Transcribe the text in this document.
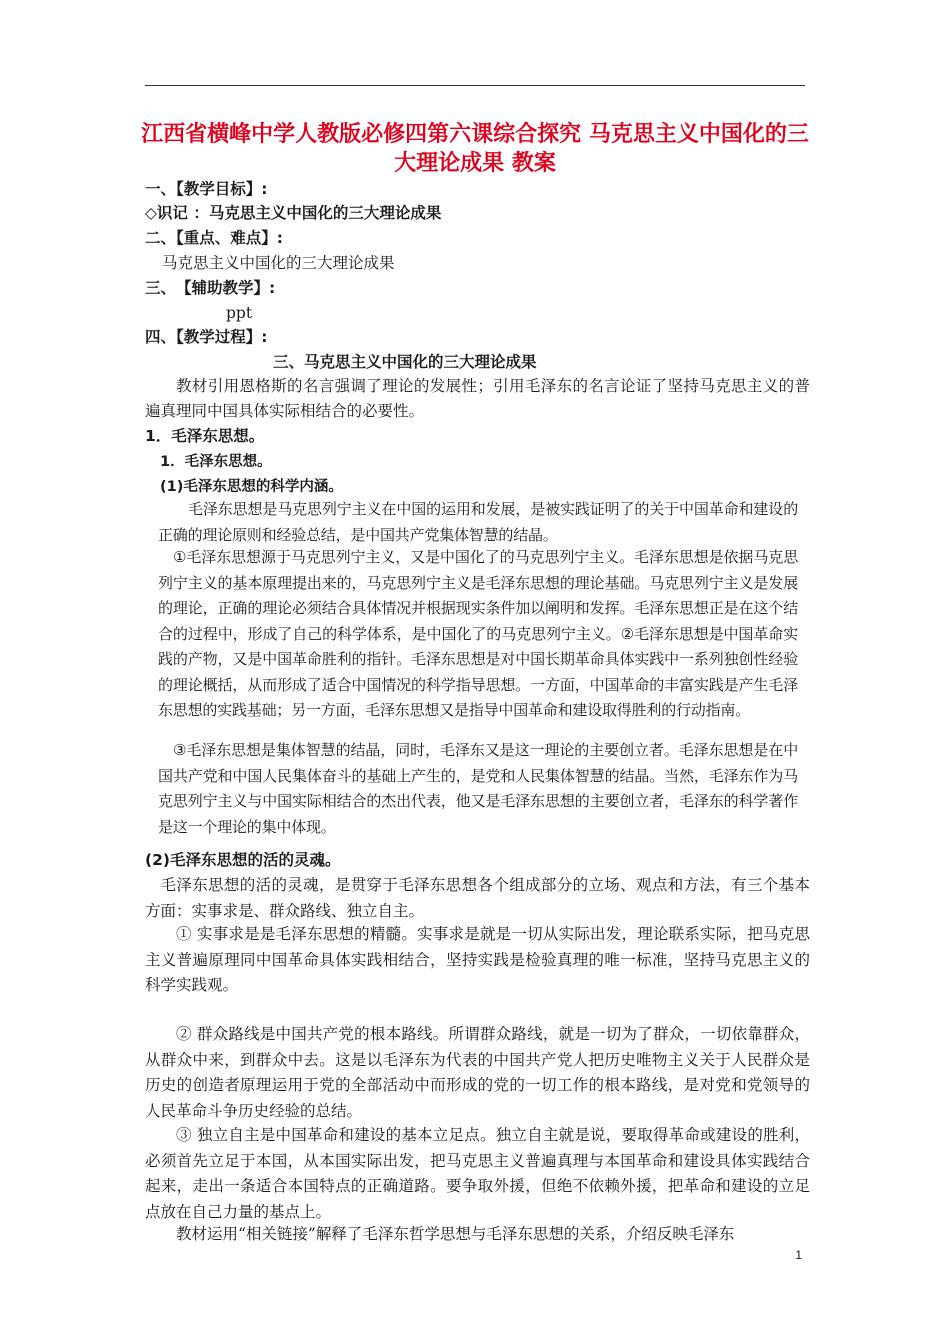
江西省横峰中学人教版必修四第六课综合探究 马克思主义中国化的三大理论成果 教案

一、【教学目标】:

◇识记 ：马克思主义中国化的三大理论成果

二、【重点、难点】:

马克思主义中国化的三大理论成果

三、　【辅助教学】:

ppt

四、【教学过程】:

三、马克思主义中国化的三大理论成果

教材引用恩格斯的名言强调了理论的发展性；引用毛泽东的名言论证了坚持马克思主义的普遍真理同中国具体实际相结合的必要性。

1．毛泽东思想。

1．毛泽东思想。

(1)毛泽东思想的科学内涵。

毛泽东思想是马克思列宁主义在中国的运用和发展，是被实践证明了的关于中国革命和建设的正确的理论原则和经验总结，是中国共产党集体智慧的结晶。

①毛泽东思想源于马克思列宁主义，又是中国化了的马克思列宁主义。毛泽东思想是依据马克思列宁主义的基本原理提出来的，马克思列宁主义是毛泽东思想的理论基础。马克思列宁主义是发展的理论，正确的理论必须结合具体情况并根据现实条件加以阐明和发挥。毛泽东思想正是在这个结合的过程中，形成了自己的科学体系，是中国化了的马克思列宁主义。②毛泽东思想是中国革命实践的产物，又是中国革命胜利的指针。毛泽东思想是对中国长期革命具体实践中一系列独创性经验的理论概括，从而形成了适合中国情况的科学指导思想。一方面，中国革命的丰富实践是产生毛泽东思想的实践基础；另一方面，毛泽东思想又是指导中国革命和建设取得胜利的行动指南。

③毛泽东思想是集体智慧的结晶，同时，毛泽东又是这一理论的主要创立者。毛泽东思想是在中国共产党和中国人民集体奋斗的基础上产生的，是党和人民集体智慧的结晶。当然，毛泽东作为马克思列宁主义与中国实际相结合的杰出代表，他又是毛泽东思想的主要创立者，毛泽东的科学著作是这一个理论的集中体现。

(2)毛泽东思想的活的灵魂。

毛泽东思想的活的灵魂，是贯穿于毛泽东思想各个组成部分的立场、观点和方法，有三个基本方面：实事求是、群众路线、独立自主。

① 实事求是是毛泽东思想的精髓。实事求是就是一切从实际出发，理论联系实际，把马克思主义普遍原理同中国革命具体实践相结合，坚持实践是检验真理的唯一标准，坚持马克思主义的科学实践观。

② 群众路线是中国共产党的根本路线。所谓群众路线，就是一切为了群众，一切依靠群众，从群众中来，到群众中去。这是以毛泽东为代表的中国共产党人把历史唯物主义关于人民群众是历史的创造者原理运用于党的全部活动中而形成的党的一切工作的根本路线，是对党和党领导的人民革命斗争历史经验的总结。

③ 独立自主是中国革命和建设的基本立足点。独立自主就是说，要取得革命或建设的胜利，必须首先立足于本国，从本国实际出发，把马克思主义普遍真理与本国革命和建设具体实践结合起来，走出一条适合本国特点的正确道路。要争取外援，但绝不依赖外援，把革命和建设的立足点放在自己力量的基点上。

教材运用“相关链接”解释了毛泽东哲学思想与毛泽东思想的关系，介绍反映毛泽东

1
